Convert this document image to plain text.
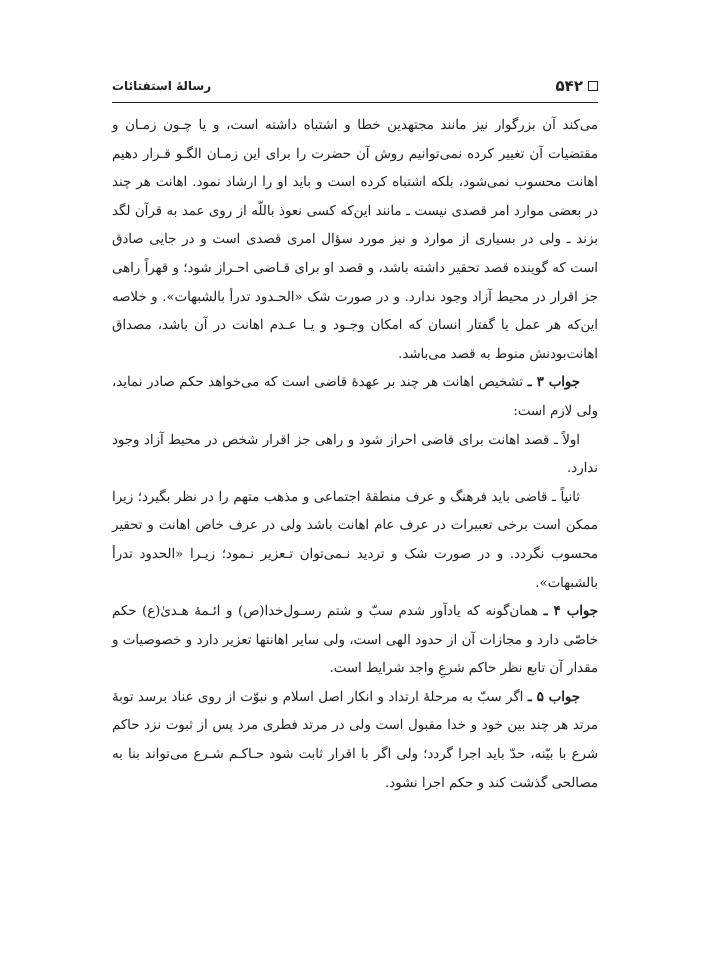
۵۴۲
رسالۀ استفتائات

می‌کند آن بزرگوار نیز مانند مجتهدین خطا و اشتباه داشته است، و یا چـون زمـان و مقتضیات آن تغییر کرده نمی‌توانیم روش آن حضرت را برای این زمـان الگـو قـرار دهیم اهانت محسوب نمی‌شود، بلکه اشتباه کرده است و باید او را ارشاد نمود. اهانت هر چند در بعضی موارد امر قصدی نیست ـ مانند این‌که کسی نعوذ باللّه از روی عمد به قرآن لگد بزند ـ ولی در بسیاری از موارد و نیز مورد سؤال امری قصدی است و در جایی صادق است که گوینده قصد تحقیر داشته باشد، و قصد او برای قـاضی احـراز شود؛ و قهراً راهی جز اقرار در محیط آزاد وجود ندارد. و در صورت شک «الحـدود تدرأ بالشبهات». و خلاصه این‌که هر عمل یا گفتار انسان که امکان وجـود و یـا عـدم اهانت در آن باشد، مصداق اهانت‌بودنش منوط به قصد می‌باشد.

جواب ۳ ـ تشخیص اهانت هر چند بر عهدۀ قاضی است که می‌خواهد حکم صادر نماید، ولی لازم است:

اولاً ـ قصد اهانت برای قاضی احراز شود و راهی جز اقرار شخص در محیط آزاد وجود ندارد.

ثانیاً ـ قاضی باید فرهنگ و عرف منطقۀ اجتماعی و مذهب متهم را در نظر بگیرد؛ زیرا ممکن است برخی تعبیرات در عرف عام اهانت باشد ولی در عرف خاص اهانت و تحقیر محسوب نگردد. و در صورت شک و تردید نـمی‌توان تـعزیر نـمود؛ زیـرا «الحدود تدرأ بالشبهات».

جواب ۴ ـ همان‌گونه که یادآور شدم سبّ و شتم رسـول‌خدا(ص) و ائـمۀ هـدیٰ(ع) حکم خاصّی دارد و مجازات آن از حدود الهی است، ولی سایر اهانتها تعزیر دارد و خصوصیات و مقدار آن تابع نظر حاکم شرعِ واجد شرایط است.

جواب ۵ ـ اگر سبّ به مرحلۀ ارتداد و انکار اصل اسلام و نبوّت از روی عناد برسد توبۀ مرتد هر چند بین خود و خدا مقبول است ولی در مرتد فطری مرد پس از ثبوت نزد حاکم شرع با بیّنه، حدّ باید اجرا گردد؛ ولی اگر با اقرار ثابت شود حـاکـم شـرع می‌تواند بنا به مصالحی گذشت کند و حکم اجرا نشود.
